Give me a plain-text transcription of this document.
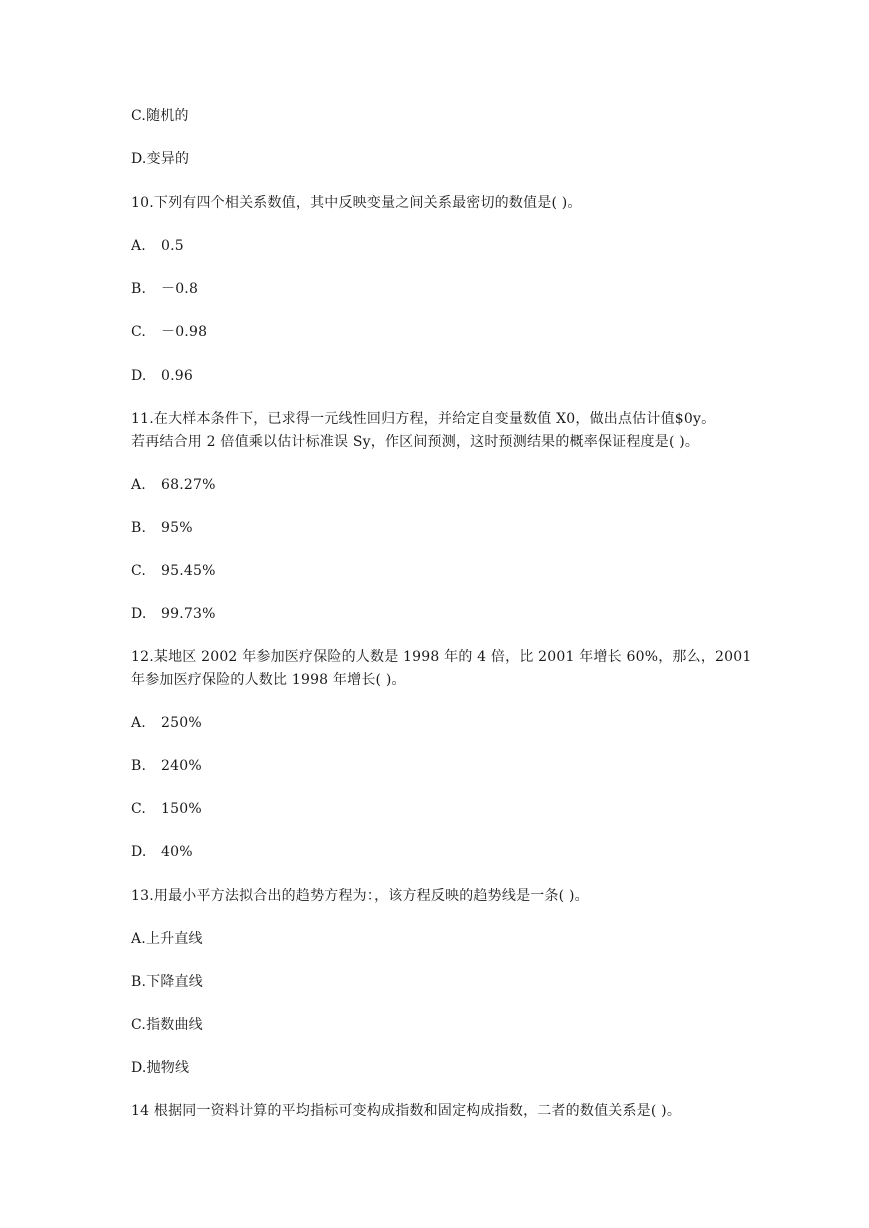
C.随机的
D.变异的
10.下列有四个相关系数值，其中反映变量之间关系最密切的数值是( )。
A. 0.5
B. －0.8
C. －0.98
D. 0.96
11.在大样本条件下，已求得一元线性回归方程，并给定自变量数值 X0，做出点估计值$0y。
若再结合用 2 倍值乘以估计标准误 Sy，作区间预测，这时预测结果的概率保证程度是( )。
A. 68.27%
B. 95%
C. 95.45%
D. 99.73%
12.某地区 2002 年参加医疗保险的人数是 1998 年的 4 倍，比 2001 年增长 60%，那么，2001
年参加医疗保险的人数比 1998 年增长( )。
A. 250%
B. 240%
C. 150%
D. 40%
13.用最小平方法拟合出的趋势方程为：，该方程反映的趋势线是一条( )。
A.上升直线
B.下降直线
C.指数曲线
D.抛物线
14 根据同一资料计算的平均指标可变构成指数和固定构成指数，二者的数值关系是( )。
